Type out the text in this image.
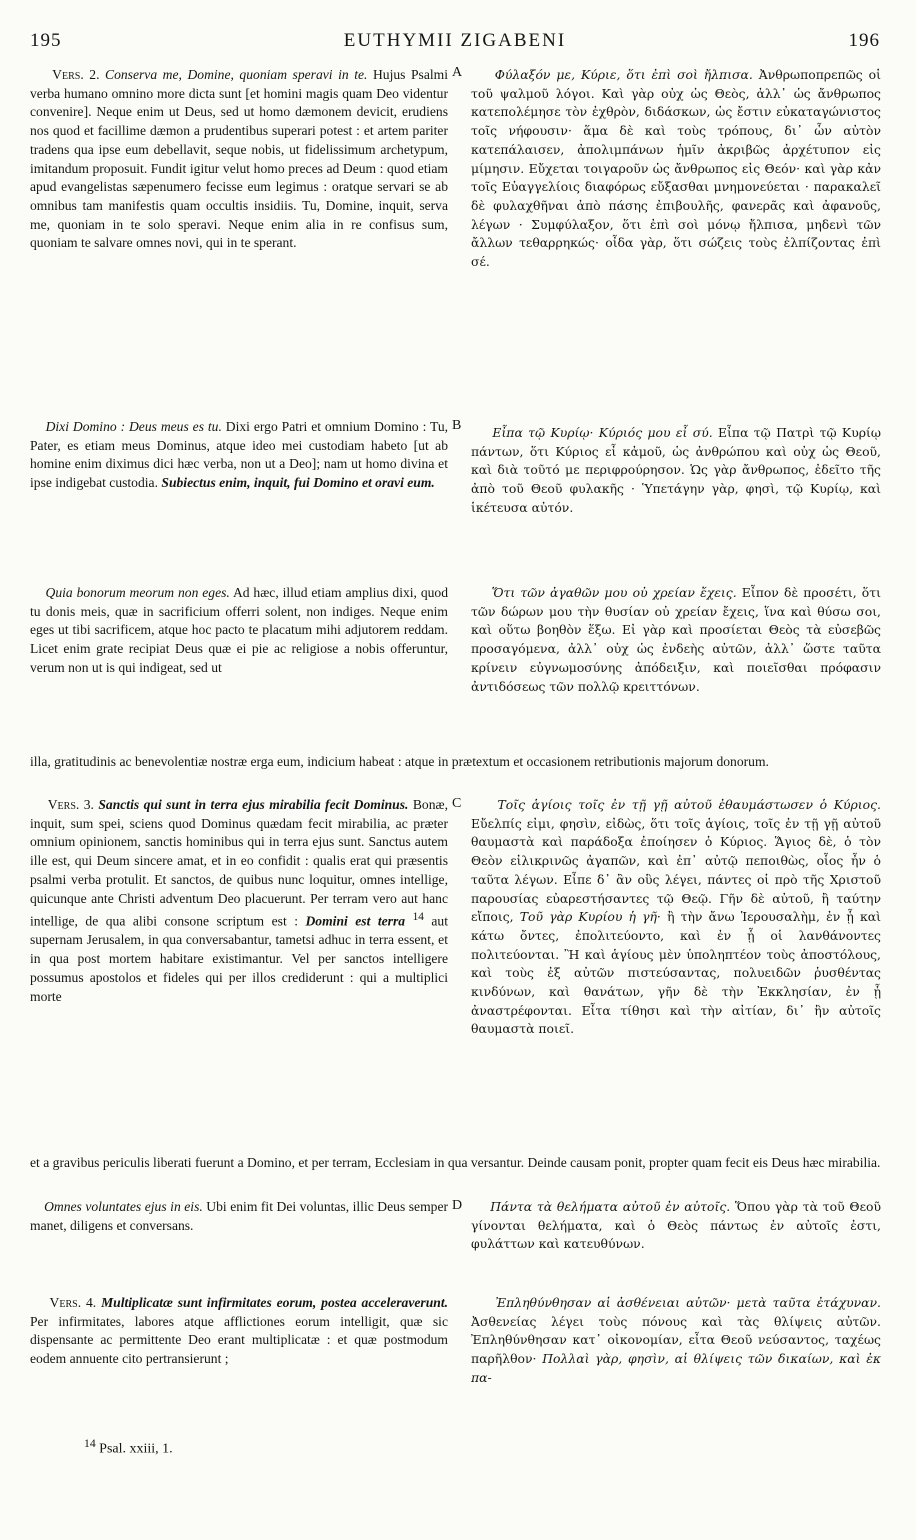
195	EUTHYMII ZIGABENI	196
A
B
C
D

Vers. 2. Conserva me, Domine, quoniam speravi in te. Hujus Psalmi verba humano omnino more dicta sunt [et homini magis quam Deo videntur convenire]. Neque enim ut Deus, sed ut homo dæmonem devicit, erudiens nos quod et facillime dæmon a prudentibus superari potest : et artem pariter tradens qua ipse eum debellavit, seque nobis, ut fidelissimum archetypum, imitandum proposuit. Fundit igitur velut homo preces ad Deum : quod etiam apud evangelistas sæpenumero fecisse eum legimus : oratque servari se ab omnibus tam manifestis quam occultis insidiis. Tu, Domine, inquit, serva me, quoniam in te solo speravi. Neque enim alia in re confisus sum, quoniam te salvare omnes novi, qui in te sperant.

Dixi Domino : Deus meus es tu. Dixi ergo Patri et omnium Domino : Tu, Pater, es etiam meus Dominus, atque ideo mei custodiam habeto [ut ab homine enim diximus dici hæc verba, non ut a Deo]; nam ut homo divina et ipse indigebat custodia. Subiectus enim, inquit, fui Domino et oravi eum.

Quia bonorum meorum non eges. Ad hæc, illud etiam amplius dixi, quod tu donis meis, quæ in sacrificium offerri solent, non indiges. Neque enim eges ut tibi sacrificem, atque hoc pacto te placatum mihi adjutorem reddam. Licet enim grate recipiat Deus quæ ei pie ac religiose a nobis offeruntur, verum non ut is qui indigeat, sed ut

illa, gratitudinis ac benevolentiæ nostræ erga eum, indicium habeat : atque in prætextum et occasionem retributionis majorum donorum.

Vers. 3. Sanctis qui sunt in terra ejus mirabilia fecit Dominus. Bonæ, inquit, sum spei, sciens quod Dominus quædam fecit mirabilia, ac præter omnium opinionem, sanctis hominibus qui in terra ejus sunt. Sanctus autem ille est, qui Deum sincere amat, et in eo confidit : qualis erat qui præsentis psalmi verba protulit. Et sanctos, de quibus nunc loquitur, omnes intellige, quicunque ante Christi adventum Deo placuerunt. Per terram vero aut hanc intellige, de qua alibi consone scriptum est : Domini est terra $^{14}$ aut supernam Jerusalem, in qua conversabantur, tametsi adhuc in terra essent, et in qua post mortem habitare existimantur. Vel per sanctos intelligere possumus apostolos et fideles qui per illos crediderunt : qui a multiplici morte

et a gravibus periculis liberati fuerunt a Domino, et per terram, Ecclesiam in qua versantur. Deinde causam ponit, propter quam fecit eis Deus hæc mirabilia.

Omnes voluntates ejus in eis. Ubi enim fit Dei voluntas, illic Deus semper manet, diligens et conversans.

Vers. 4. Multiplicatæ sunt infirmitates eorum, postea acceleraverunt. Per infirmitates, labores atque afflictiones eorum intelligit, quæ sic dispensante ac permittente Deo erant multiplicatæ : et quæ postmodum eodem annuente cito pertransierunt ;

Φύλαξόν με, Κύριε, ὅτι ἐπὶ σοὶ ἤλπισα. Ἀνθρωποπρεπῶς οἱ τοῦ ψαλμοῦ λόγοι. Καὶ γὰρ οὐχ ὡς Θεὸς, ἀλλ᾽ ὡς ἄνθρωπος κατεπολέμησε τὸν ἐχθρὸν, διδάσκων, ὡς ἔστιν εὐκαταγώνιστος τοῖς νήφουσιν· ἅμα δὲ καὶ τοὺς τρόπους, δι᾽ ὧν αὐτὸν κατεπάλαισεν, ἀπολιμπάνων ἡμῖν ἀκριβῶς ἀρχέτυπον εἰς μίμησιν. Εὔχεται τοιγαροῦν ὡς ἄνθρωπος εἰς Θεόν· καὶ γὰρ κἀν τοῖς Εὐαγγελίοις διαφόρως εὔξασθαι μνημονεύεται · παρακαλεῖ δὲ φυλαχθῆναι ἀπὸ πάσης ἐπιβουλῆς, φανερᾶς καὶ ἀφανοῦς, λέγων · Συμφύλαξον, ὅτι ἐπὶ σοὶ μόνῳ ἤλπισα, μηδενὶ τῶν ἄλλων τεθαρρηκώς· οἶδα γὰρ, ὅτι σώζεις τοὺς ἐλπίζοντας ἐπὶ σέ.

Εἶπα τῷ Κυρίῳ· Κύριός μου εἶ σύ. Εἶπα τῷ Πατρὶ τῷ Κυρίῳ πάντων, ὅτι Κύριος εἶ κἀμοῦ, ὡς ἀνθρώπου καὶ οὐχ ὡς Θεοῦ, καὶ διὰ τοῦτό με περιφρούρησον. Ὡς γὰρ ἄνθρωπος, ἐδεῖτο τῆς ἀπὸ τοῦ Θεοῦ φυλακῆς · Ὑπετάγην γὰρ, φησὶ, τῷ Κυρίῳ, καὶ ἱκέτευσα αὐτόν.

Ὅτι τῶν ἀγαθῶν μου οὐ χρείαν ἔχεις. Εἶπον δὲ προσέτι, ὅτι τῶν δώρων μου τὴν θυσίαν οὐ χρείαν ἔχεις, ἵνα καὶ θύσω σοι, καὶ οὕτω βοηθὸν ἕξω. Εἰ γὰρ καὶ προσίεται Θεὸς τὰ εὐσεβῶς προσαγόμενα, ἀλλ᾽ οὐχ ὡς ἐνδεὴς αὐτῶν, ἀλλ᾽ ὥστε ταῦτα κρίνειν εὐγνωμοσύνης ἀπόδειξιν, καὶ ποιεῖσθαι πρόφασιν ἀντιδόσεως τῶν πολλῷ κρειττόνων.

Τοῖς ἁγίοις τοῖς ἐν τῇ γῇ αὐτοῦ ἐθαυμάστωσεν ὁ Κύριος. Εὔελπίς εἰμι, φησὶν, εἰδὼς, ὅτι τοῖς ἁγίοις, τοῖς ἐν τῇ γῇ αὐτοῦ θαυμαστὰ καὶ παράδοξα ἐποίησεν ὁ Κύριος. Ἅγιος δὲ, ὁ τὸν Θεὸν εἰλικρινῶς ἀγαπῶν, καὶ ἐπ᾽ αὐτῷ πεποιθὼς, οἷος ἦν ὁ ταῦτα λέγων. Εἶπε δ᾽ ἂν οὓς λέγει, πάντες οἱ πρὸ τῆς Χριστοῦ παρουσίας εὐαρεστήσαντες τῷ Θεῷ. Γῆν δὲ αὐτοῦ, ἢ ταύτην εἴποις, Τοῦ γὰρ Κυρίου ἡ γῆ· ἢ τὴν ἄνω Ἱερουσαλὴμ, ἐν ᾗ καὶ κάτω ὄντες, ἐπολιτεύοντο, καὶ ἐν ᾗ οἱ λανθάνοντες πολιτεύονται. Ἢ καὶ ἁγίους μὲν ὑποληπτέον τοὺς ἀποστόλους, καὶ τοὺς ἐξ αὐτῶν πιστεύσαντας, πολυειδῶν ῥυσθέντας κινδύνων, καὶ θανάτων, γῆν δὲ τὴν Ἐκκλησίαν, ἐν ᾗ ἀναστρέφονται. Εἶτα τίθησι καὶ τὴν αἰτίαν, δι᾽ ἣν αὐτοῖς θαυμαστὰ ποιεῖ.

Πάντα τὰ θελήματα αὐτοῦ ἐν αὐτοῖς. Ὅπου γὰρ τὰ τοῦ Θεοῦ γίνονται θελήματα, καὶ ὁ Θεὸς πάντως ἐν αὐτοῖς ἐστι, φυλάττων καὶ κατευθύνων.

Ἐπληθύνθησαν αἱ ἀσθένειαι αὐτῶν· μετὰ ταῦτα ἐτάχυναν. Ἀσθενείας λέγει τοὺς πόνους καὶ τὰς θλίψεις αὐτῶν. Ἐπληθύνθησαν κατ᾽ οἰκονομίαν, εἶτα Θεοῦ νεύσαντος, ταχέως παρῆλθον· Πολλαὶ γὰρ, φησὶν, αἱ θλίψεις τῶν δικαίων, καὶ ἐκ πα-

$^{14}$ Psal. xxiii, 1.
